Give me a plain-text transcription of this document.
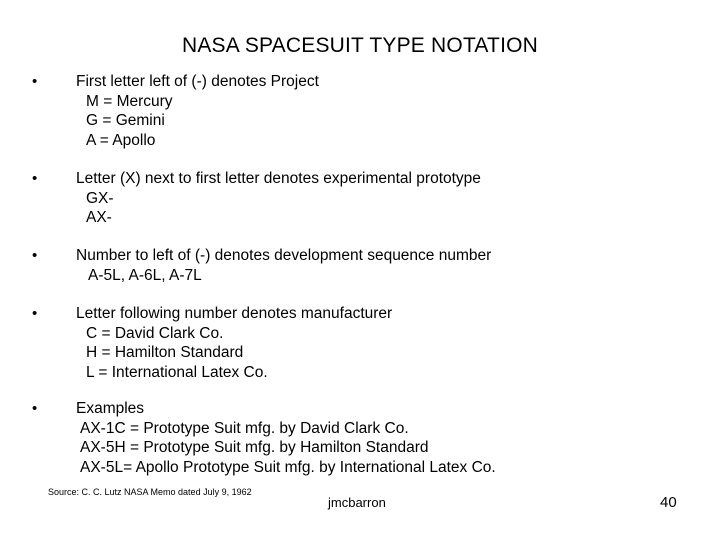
NASA SPACESUIT TYPE NOTATION
• First letter left of (-) denotes Project
M = Mercury
G = Gemini
A = Apollo
• Letter (X) next to first letter denotes experimental prototype
GX-
AX-
• Number to left of (-) denotes development sequence number
A-5L, A-6L, A-7L
• Letter following number denotes manufacturer
C = David Clark Co.
H = Hamilton Standard
L = International Latex Co.
• Examples
AX-1C = Prototype Suit mfg. by David Clark Co.
AX-5H = Prototype Suit mfg. by Hamilton Standard
AX-5L= Apollo Prototype Suit mfg. by International Latex Co.
Source: C. C. Lutz NASA Memo dated July 9, 1962
jmcbarron	40
